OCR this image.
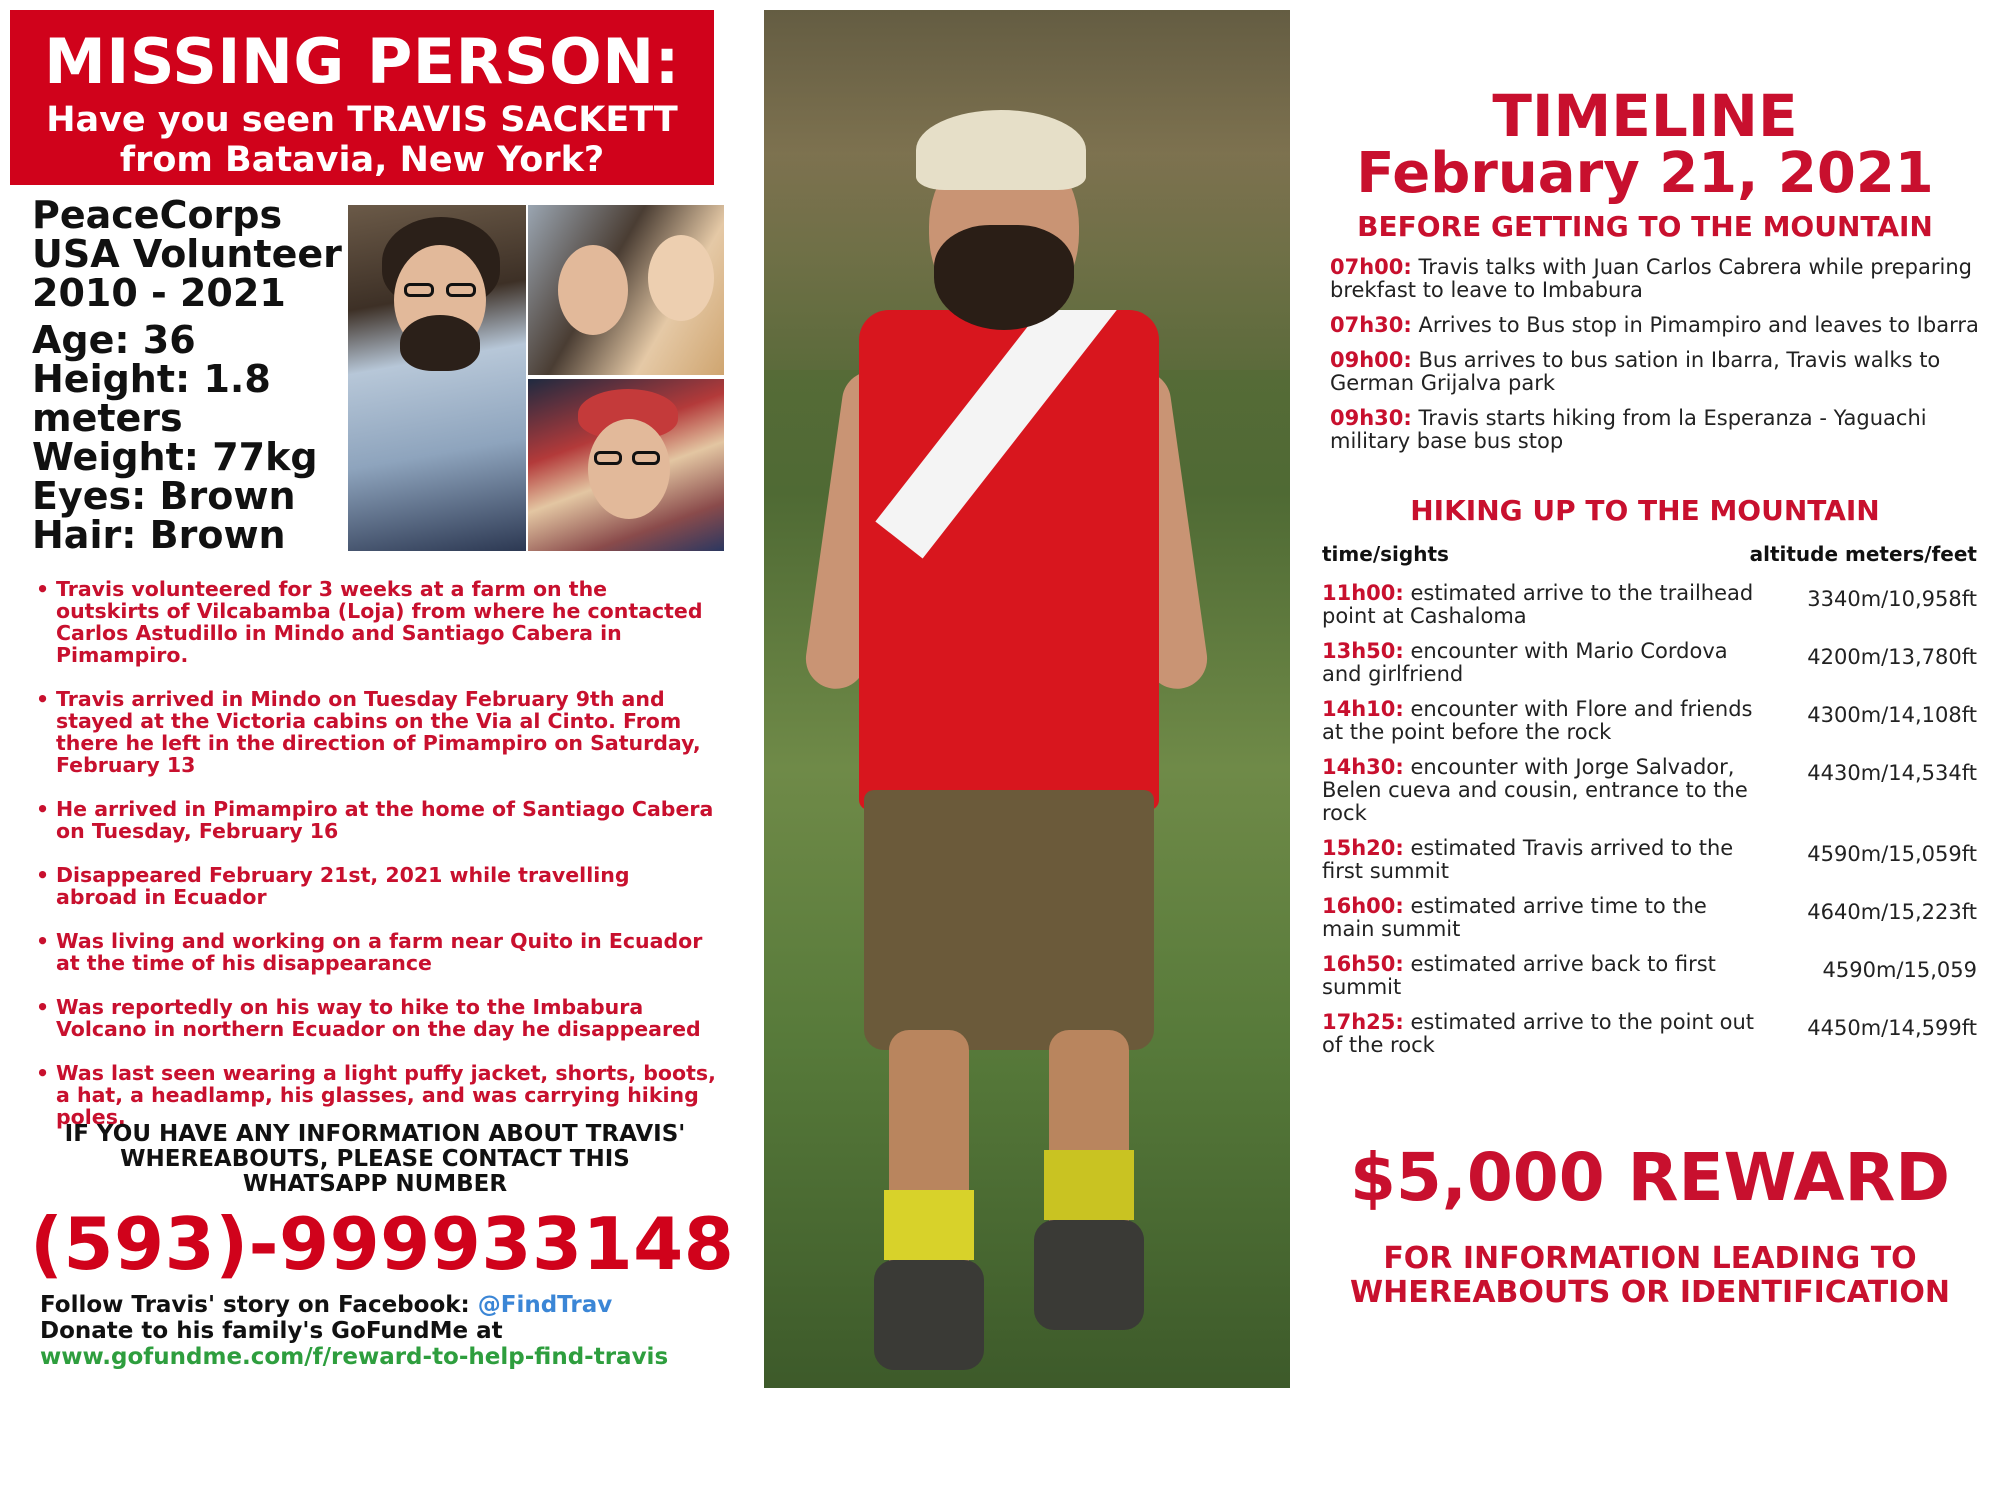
MISSING PERSON:
Have you seen TRAVIS SACKETT
from Batavia, New York?
PeaceCorps
USA Volunteer
2010 - 2021
Age: 36
Height: 1.8
meters
Weight: 77kg
Eyes: Brown
Hair: Brown
• Travis volunteered for 3 weeks at a farm on the outskirts of Vilcabamba (Loja) from where he contacted Carlos Astudillo in Mindo and Santiago Cabera in Pimampiro.
• Travis arrived in Mindo on Tuesday February 9th and stayed at the Victoria cabins on the Via al Cinto. From there he left in the direction of Pimampiro on Saturday, February 13
• He arrived in Pimampiro at the home of Santiago Cabera on Tuesday, February 16
• Disappeared February 21st, 2021 while travelling abroad in Ecuador
• Was living and working on a farm near Quito in Ecuador at the time of his disappearance
• Was reportedly on his way to hike to the Imbabura Volcano in northern Ecuador on the day he disappeared
• Was last seen wearing a light puffy jacket, shorts, boots, a hat, a headlamp, his glasses, and was carrying hiking poles.
IF YOU HAVE ANY INFORMATION ABOUT TRAVIS'
WHEREABOUTS, PLEASE CONTACT THIS
WHATSAPP NUMBER
(593)-999933148
Follow Travis' story on Facebook: @FindTrav
Donate to his family's GoFundMe at
www.gofundme.com/f/reward-to-help-find-travis
TIMELINE
February 21, 2021
BEFORE GETTING TO THE MOUNTAIN
07h00: Travis talks with Juan Carlos Cabrera while preparing brekfast to leave to Imbabura
07h30: Arrives to Bus stop in Pimampiro and leaves to Ibarra
09h00: Bus arrives to bus sation in Ibarra, Travis walks to German Grijalva park
09h30: Travis starts hiking from la Esperanza - Yaguachi military base bus stop
HIKING UP TO THE MOUNTAIN
time/sights	altitude meters/feet
11h00: estimated arrive to the trailhead point at Cashaloma
3340m/10,958ft
13h50: encounter with Mario Cordova and girlfriend
4200m/13,780ft
14h10: encounter with Flore and friends at the point before the rock
4300m/14,108ft
14h30: encounter with Jorge Salvador, Belen cueva and cousin, entrance to the rock
4430m/14,534ft
15h20: estimated Travis arrived to the first summit
4590m/15,059ft
16h00: estimated arrive time to the main summit
4640m/15,223ft
16h50: estimated arrive back to first summit
4590m/15,059
17h25: estimated arrive to the point out of the rock
4450m/14,599ft
$5,000 REWARD
FOR INFORMATION LEADING TO
WHEREABOUTS OR IDENTIFICATION
